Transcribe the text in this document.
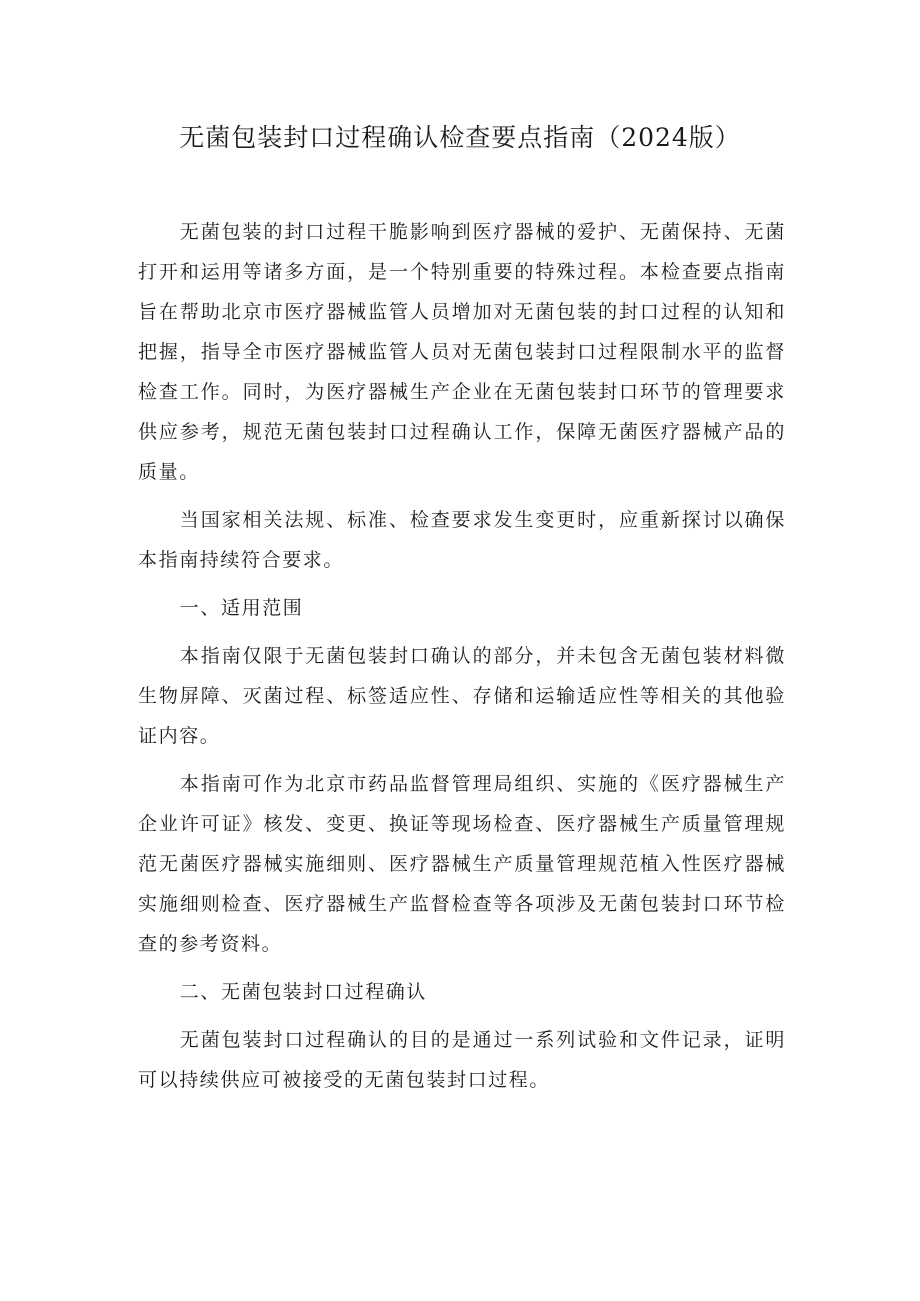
无菌包装封口过程确认检查要点指南（2024版）

无菌包装的封口过程干脆影响到医疗器械的爱护、无菌保持、无菌打开和运用等诸多方面，是一个特别重要的特殊过程。本检查要点指南旨在帮助北京市医疗器械监管人员增加对无菌包装的封口过程的认知和把握，指导全市医疗器械监管人员对无菌包装封口过程限制水平的监督检查工作。同时，为医疗器械生产企业在无菌包装封口环节的管理要求供应参考，规范无菌包装封口过程确认工作，保障无菌医疗器械产品的质量。

当国家相关法规、标准、检查要求发生变更时，应重新探讨以确保本指南持续符合要求。

一、适用范围

本指南仅限于无菌包装封口确认的部分，并未包含无菌包装材料微生物屏障、灭菌过程、标签适应性、存储和运输适应性等相关的其他验证内容。

本指南可作为北京市药品监督管理局组织、实施的《医疗器械生产企业许可证》核发、变更、换证等现场检查、医疗器械生产质量管理规范无菌医疗器械实施细则、医疗器械生产质量管理规范植入性医疗器械实施细则检查、医疗器械生产监督检查等各项涉及无菌包装封口环节检查的参考资料。

二、无菌包装封口过程确认

无菌包装封口过程确认的目的是通过一系列试验和文件记录，证明可以持续供应可被接受的无菌包装封口过程。
